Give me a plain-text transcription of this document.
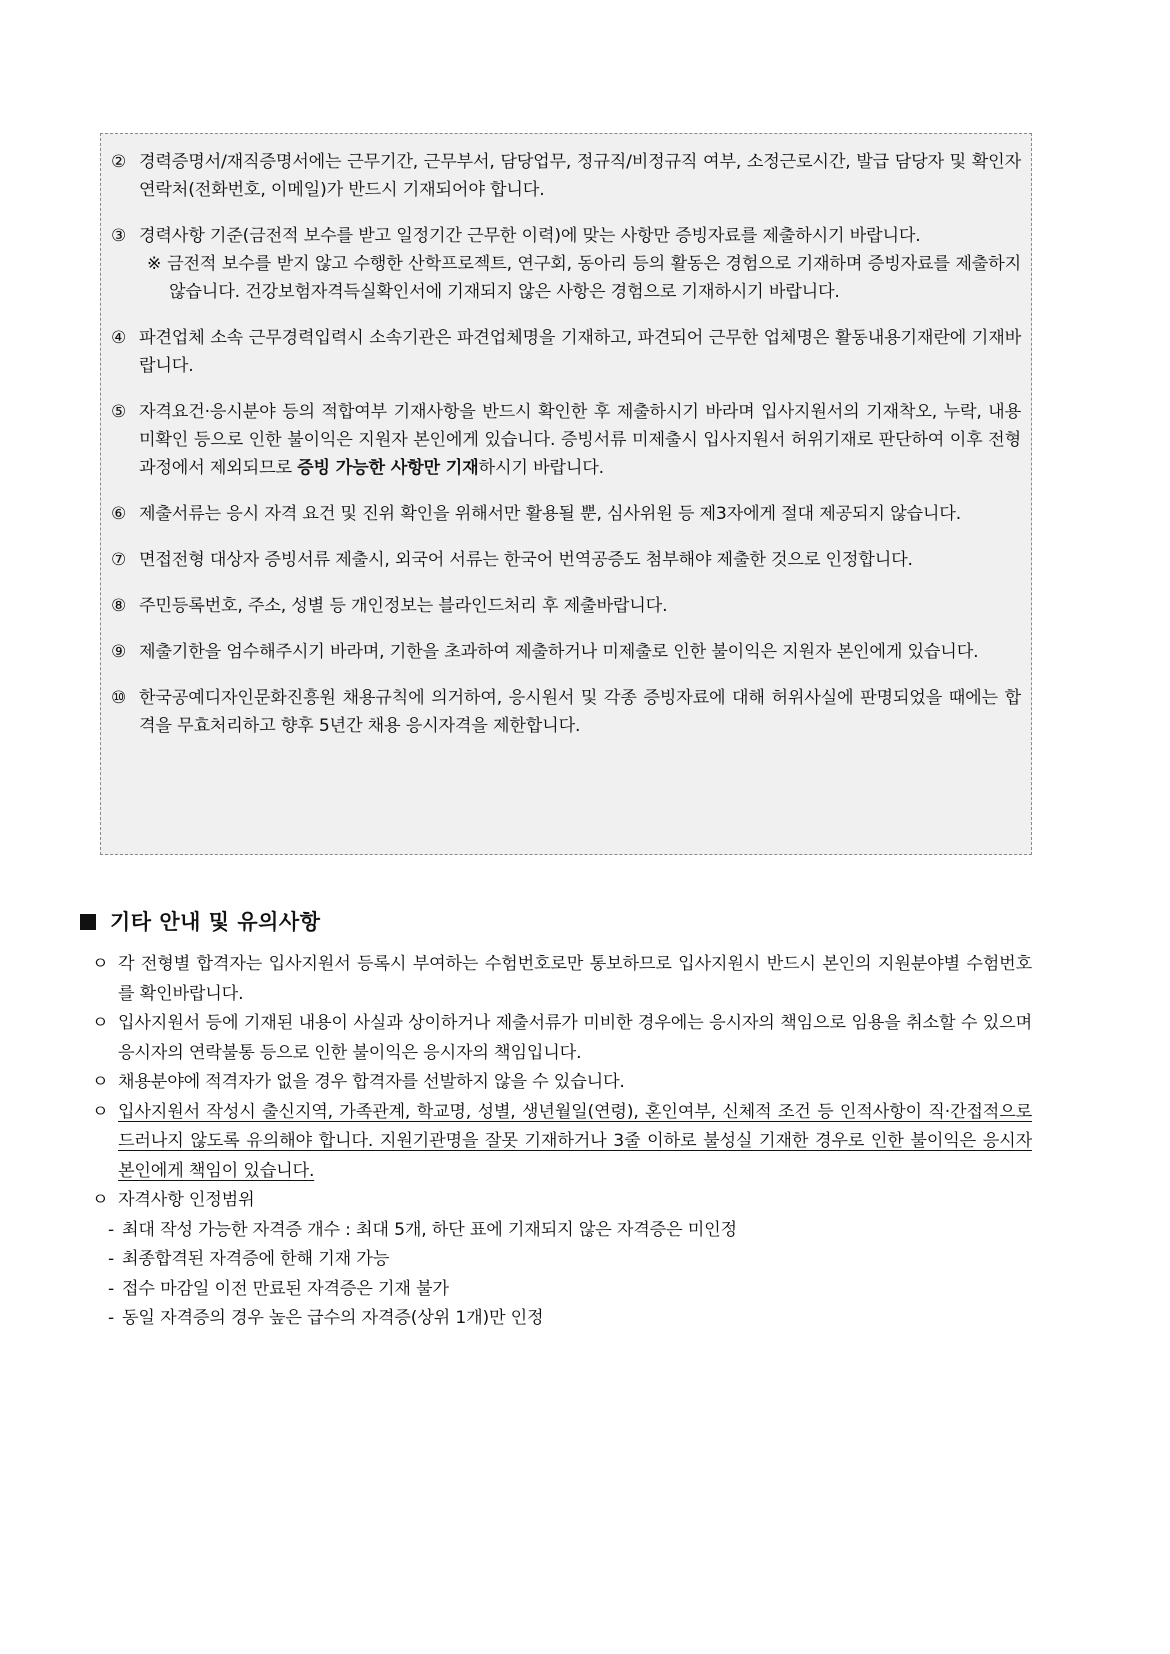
② 경력증명서/재직증명서에는 근무기간, 근무부서, 담당업무, 정규직/비정규직 여부, 소정근로시간, 발급 담당자 및 확인자 연락처(전화번호, 이메일)가 반드시 기재되어야 합니다.
③ 경력사항 기준(금전적 보수를 받고 일정기간 근무한 이력)에 맞는 사항만 증빙자료를 제출하시기 바랍니다.
※ 금전적 보수를 받지 않고 수행한 산학프로젝트, 연구회, 동아리 등의 활동은 경험으로 기재하며 증빙자료를 제출하지 않습니다. 건강보험자격득실확인서에 기재되지 않은 사항은 경험으로 기재하시기 바랍니다.
④ 파견업체 소속 근무경력입력시 소속기관은 파견업체명을 기재하고, 파견되어 근무한 업체명은 활동내용기재란에 기재바랍니다.
⑤ 자격요건·응시분야 등의 적합여부 기재사항을 반드시 확인한 후 제출하시기 바라며 입사지원서의 기재착오, 누락, 내용 미확인 등으로 인한 불이익은 지원자 본인에게 있습니다. 증빙서류 미제출시 입사지원서 허위기재로 판단하여 이후 전형과정에서 제외되므로 증빙 가능한 사항만 기재하시기 바랍니다.
⑥ 제출서류는 응시 자격 요건 및 진위 확인을 위해서만 활용될 뿐, 심사위원 등 제3자에게 절대 제공되지 않습니다.
⑦ 면접전형 대상자 증빙서류 제출시, 외국어 서류는 한국어 번역공증도 첨부해야 제출한 것으로 인정합니다.
⑧ 주민등록번호, 주소, 성별 등 개인정보는 블라인드처리 후 제출바랍니다.
⑨ 제출기한을 엄수해주시기 바라며, 기한을 초과하여 제출하거나 미제출로 인한 불이익은 지원자 본인에게 있습니다.
⑩ 한국공예디자인문화진흥원 채용규칙에 의거하여, 응시원서 및 각종 증빙자료에 대해 허위사실에 판명되었을 때에는 합격을 무효처리하고 향후 5년간 채용 응시자격을 제한합니다.
기타 안내 및 유의사항
ㅇ 각 전형별 합격자는 입사지원서 등록시 부여하는 수험번호로만 통보하므로 입사지원시 반드시 본인의 지원분야별 수험번호를 확인바랍니다.
ㅇ 입사지원서 등에 기재된 내용이 사실과 상이하거나 제출서류가 미비한 경우에는 응시자의 책임으로 임용을 취소할 수 있으며 응시자의 연락불통 등으로 인한 불이익은 응시자의 책임입니다.
ㅇ 채용분야에 적격자가 없을 경우 합격자를 선발하지 않을 수 있습니다.
ㅇ 입사지원서 작성시 출신지역, 가족관계, 학교명, 성별, 생년월일(연령), 혼인여부, 신체적 조건 등 인적사항이 직·간접적으로 드러나지 않도록 유의해야 합니다. 지원기관명을 잘못 기재하거나 3줄 이하로 불성실 기재한 경우로 인한 불이익은 응시자 본인에게 책임이 있습니다.
ㅇ 자격사항 인정범위
- 최대 작성 가능한 자격증 개수 : 최대 5개, 하단 표에 기재되지 않은 자격증은 미인정
- 최종합격된 자격증에 한해 기재 가능
- 접수 마감일 이전 만료된 자격증은 기재 불가
- 동일 자격증의 경우 높은 급수의 자격증(상위 1개)만 인정
